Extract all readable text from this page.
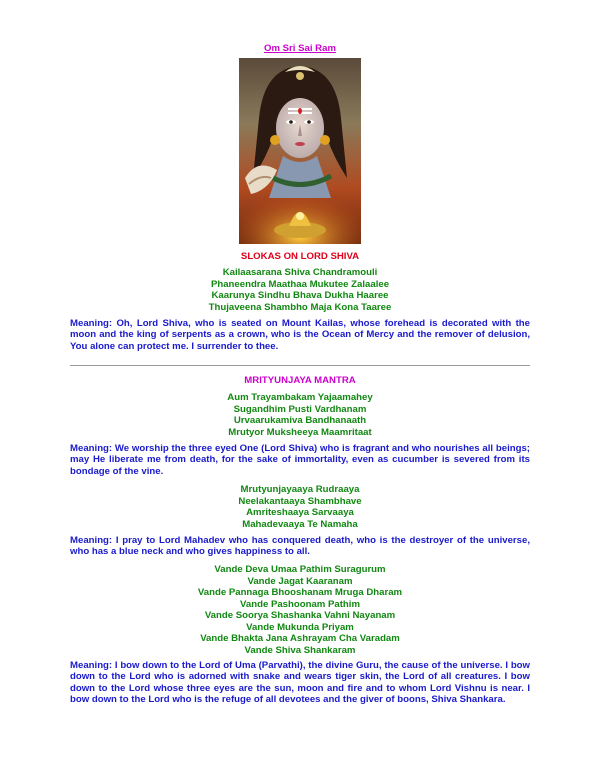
Om Sri Sai Ram
SLOKAS ON LORD SHIVA
Kailaasarana Shiva Chandramouli
Phaneendra Maathaa Mukutee Zalaalee
Kaarunya Sindhu Bhava Dukha Haaree
Thujaveena Shambho Maja Kona Taaree
Meaning: Oh, Lord Shiva, who is seated on Mount Kailas, whose forehead is decorated with the moon and the king of serpents as a crown, who is the Ocean of Mercy and the remover of delusion, You alone can protect me. I surrender to thee.
MRITYUNJAYA MANTRA
Aum Trayambakam Yajaamahey
Sugandhim Pusti Vardhanam
Urvaarukamiva Bandhanaath
Mrutyor Muksheeya Maamritaat
Meaning: We worship the three eyed One (Lord Shiva) who is fragrant and who nourishes all beings; may He liberate me from death, for the sake of immortality, even as cucumber is severed from its bondage of the vine.
Mrutyunjayaaya Rudraaya
Neelakantaaya Shambhave
Amriteshaaya Sarvaaya
Mahadevaaya Te Namaha
Meaning: I pray to Lord Mahadev who has conquered death, who is the destroyer of the universe, who has a blue neck and who gives happiness to all.
Vande Deva Umaa Pathim Suragurum
Vande Jagat Kaaranam
Vande Pannaga Bhooshanam Mruga Dharam
Vande Pashoonam Pathim
Vande Soorya Shashanka Vahni Nayanam
Vande Mukunda Priyam
Vande Bhakta Jana Ashrayam Cha Varadam
Vande Shiva Shankaram
Meaning: I bow down to the Lord of Uma (Parvathi), the divine Guru, the cause of the universe. I bow down to the Lord who is adorned with snake and wears tiger skin, the Lord of all creatures. I bow down to the Lord whose three eyes are the sun, moon and fire and to whom Lord Vishnu is near. I bow down to the Lord who is the refuge of all devotees and the giver of boons, Shiva Shankara.
